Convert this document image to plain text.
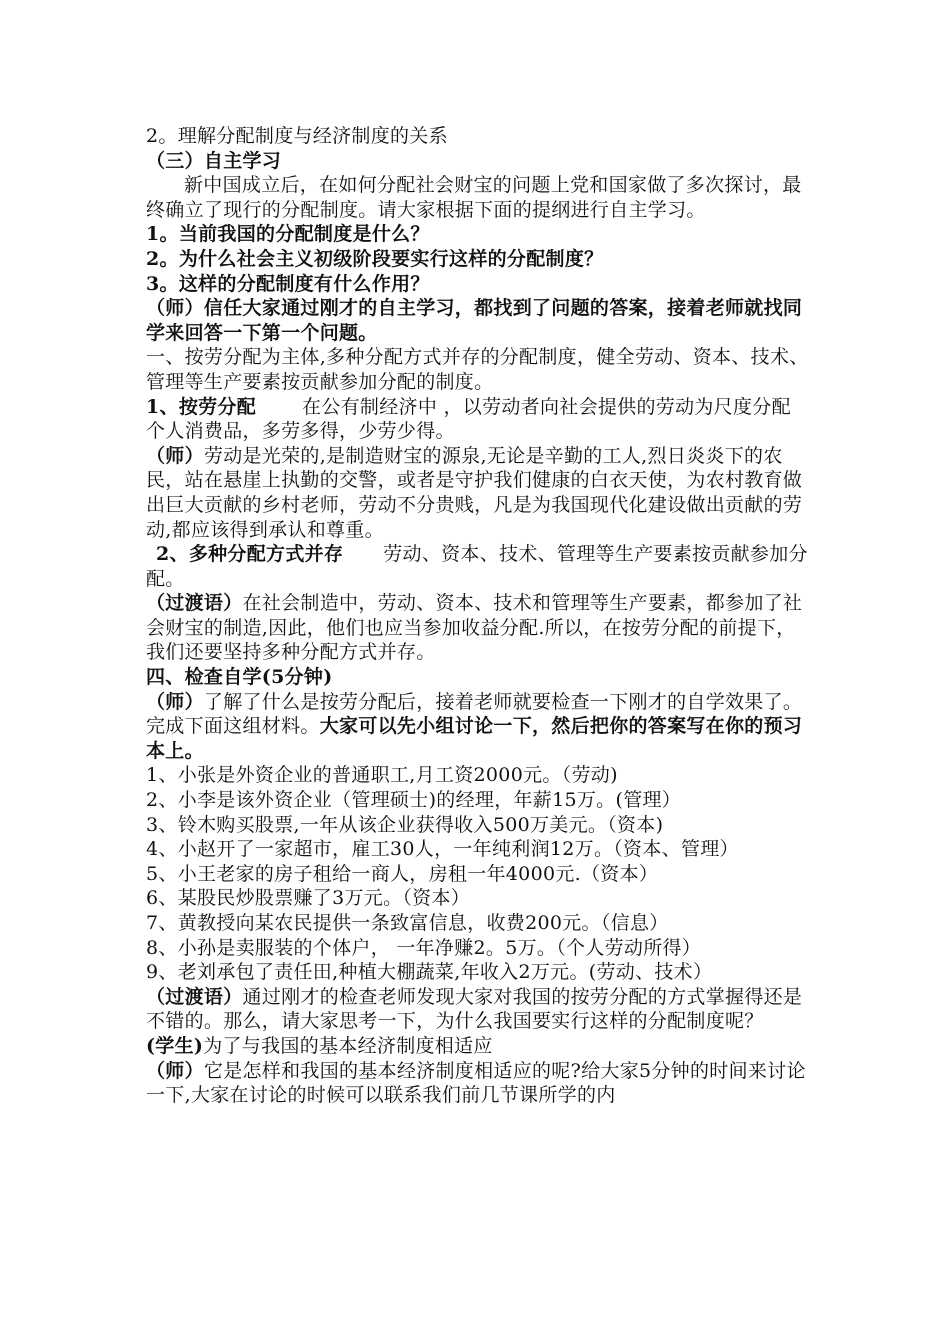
2。理解分配制度与经济制度的关系

（三）自主学习

新中国成立后，在如何分配社会财宝的问题上党和国家做了多次探讨，最终确立了现行的分配制度。请大家根据下面的提纲进行自主学习。

1。当前我国的分配制度是什么？

2。为什么社会主义初级阶段要实行这样的分配制度？

3。这样的分配制度有什么作用？

（师）信任大家通过刚才的自主学习，都找到了问题的答案，接着老师就找同学来回答一下第一个问题。

一、按劳分配为主体,多种分配方式并存的分配制度，健全劳动、资本、技术、管理等生产要素按贡献参加分配的制度。

1、按劳分配 在公有制经济中 ，以劳动者向社会提供的劳动为尺度分配个人消费品，多劳多得，少劳少得。

（师）劳动是光荣的,是制造财宝的源泉,无论是辛勤的工人,烈日炎炎下的农民，站在悬崖上执勤的交警，或者是守护我们健康的白衣天使，为农村教育做出巨大贡献的乡村老师，劳动不分贵贱，凡是为我国现代化建设做出贡献的劳动,都应该得到承认和尊重。

2、多种分配方式并存 劳动、资本、技术、管理等生产要素按贡献参加分配。

（过渡语）在社会制造中，劳动、资本、技术和管理等生产要素，都参加了社会财宝的制造,因此，他们也应当参加收益分配.所以，在按劳分配的前提下，我们还要坚持多种分配方式并存。

四、检查自学(5分钟)

（师）了解了什么是按劳分配后，接着老师就要检查一下刚才的自学效果了。完成下面这组材料。大家可以先小组讨论一下，然后把你的答案写在你的预习本上。

1、小张是外资企业的普通职工,月工资2000元。（劳动)

2、小李是该外资企业（管理硕士)的经理，年薪15万。(管理）

3、铃木购买股票,一年从该企业获得收入500万美元。（资本)

4、小赵开了一家超市，雇工30人，一年纯利润12万。（资本、管理）

5、小王老家的房子租给一商人，房租一年4000元.（资本）

6、某股民炒股票赚了3万元。（资本）

7、黄教授向某农民提供一条致富信息，收费200元。（信息）

8、小孙是卖服装的个体户， 一年净赚2。5万。（个人劳动所得）

9、老刘承包了责任田,种植大棚蔬菜,年收入2万元。(劳动、技术）

（过渡语）通过刚才的检查老师发现大家对我国的按劳分配的方式掌握得还是不错的。那么，请大家思考一下，为什么我国要实行这样的分配制度呢？

(学生)为了与我国的基本经济制度相适应

（师）它是怎样和我国的基本经济制度相适应的呢?给大家5分钟的时间来讨论一下,大家在讨论的时候可以联系我们前几节课所学的内
